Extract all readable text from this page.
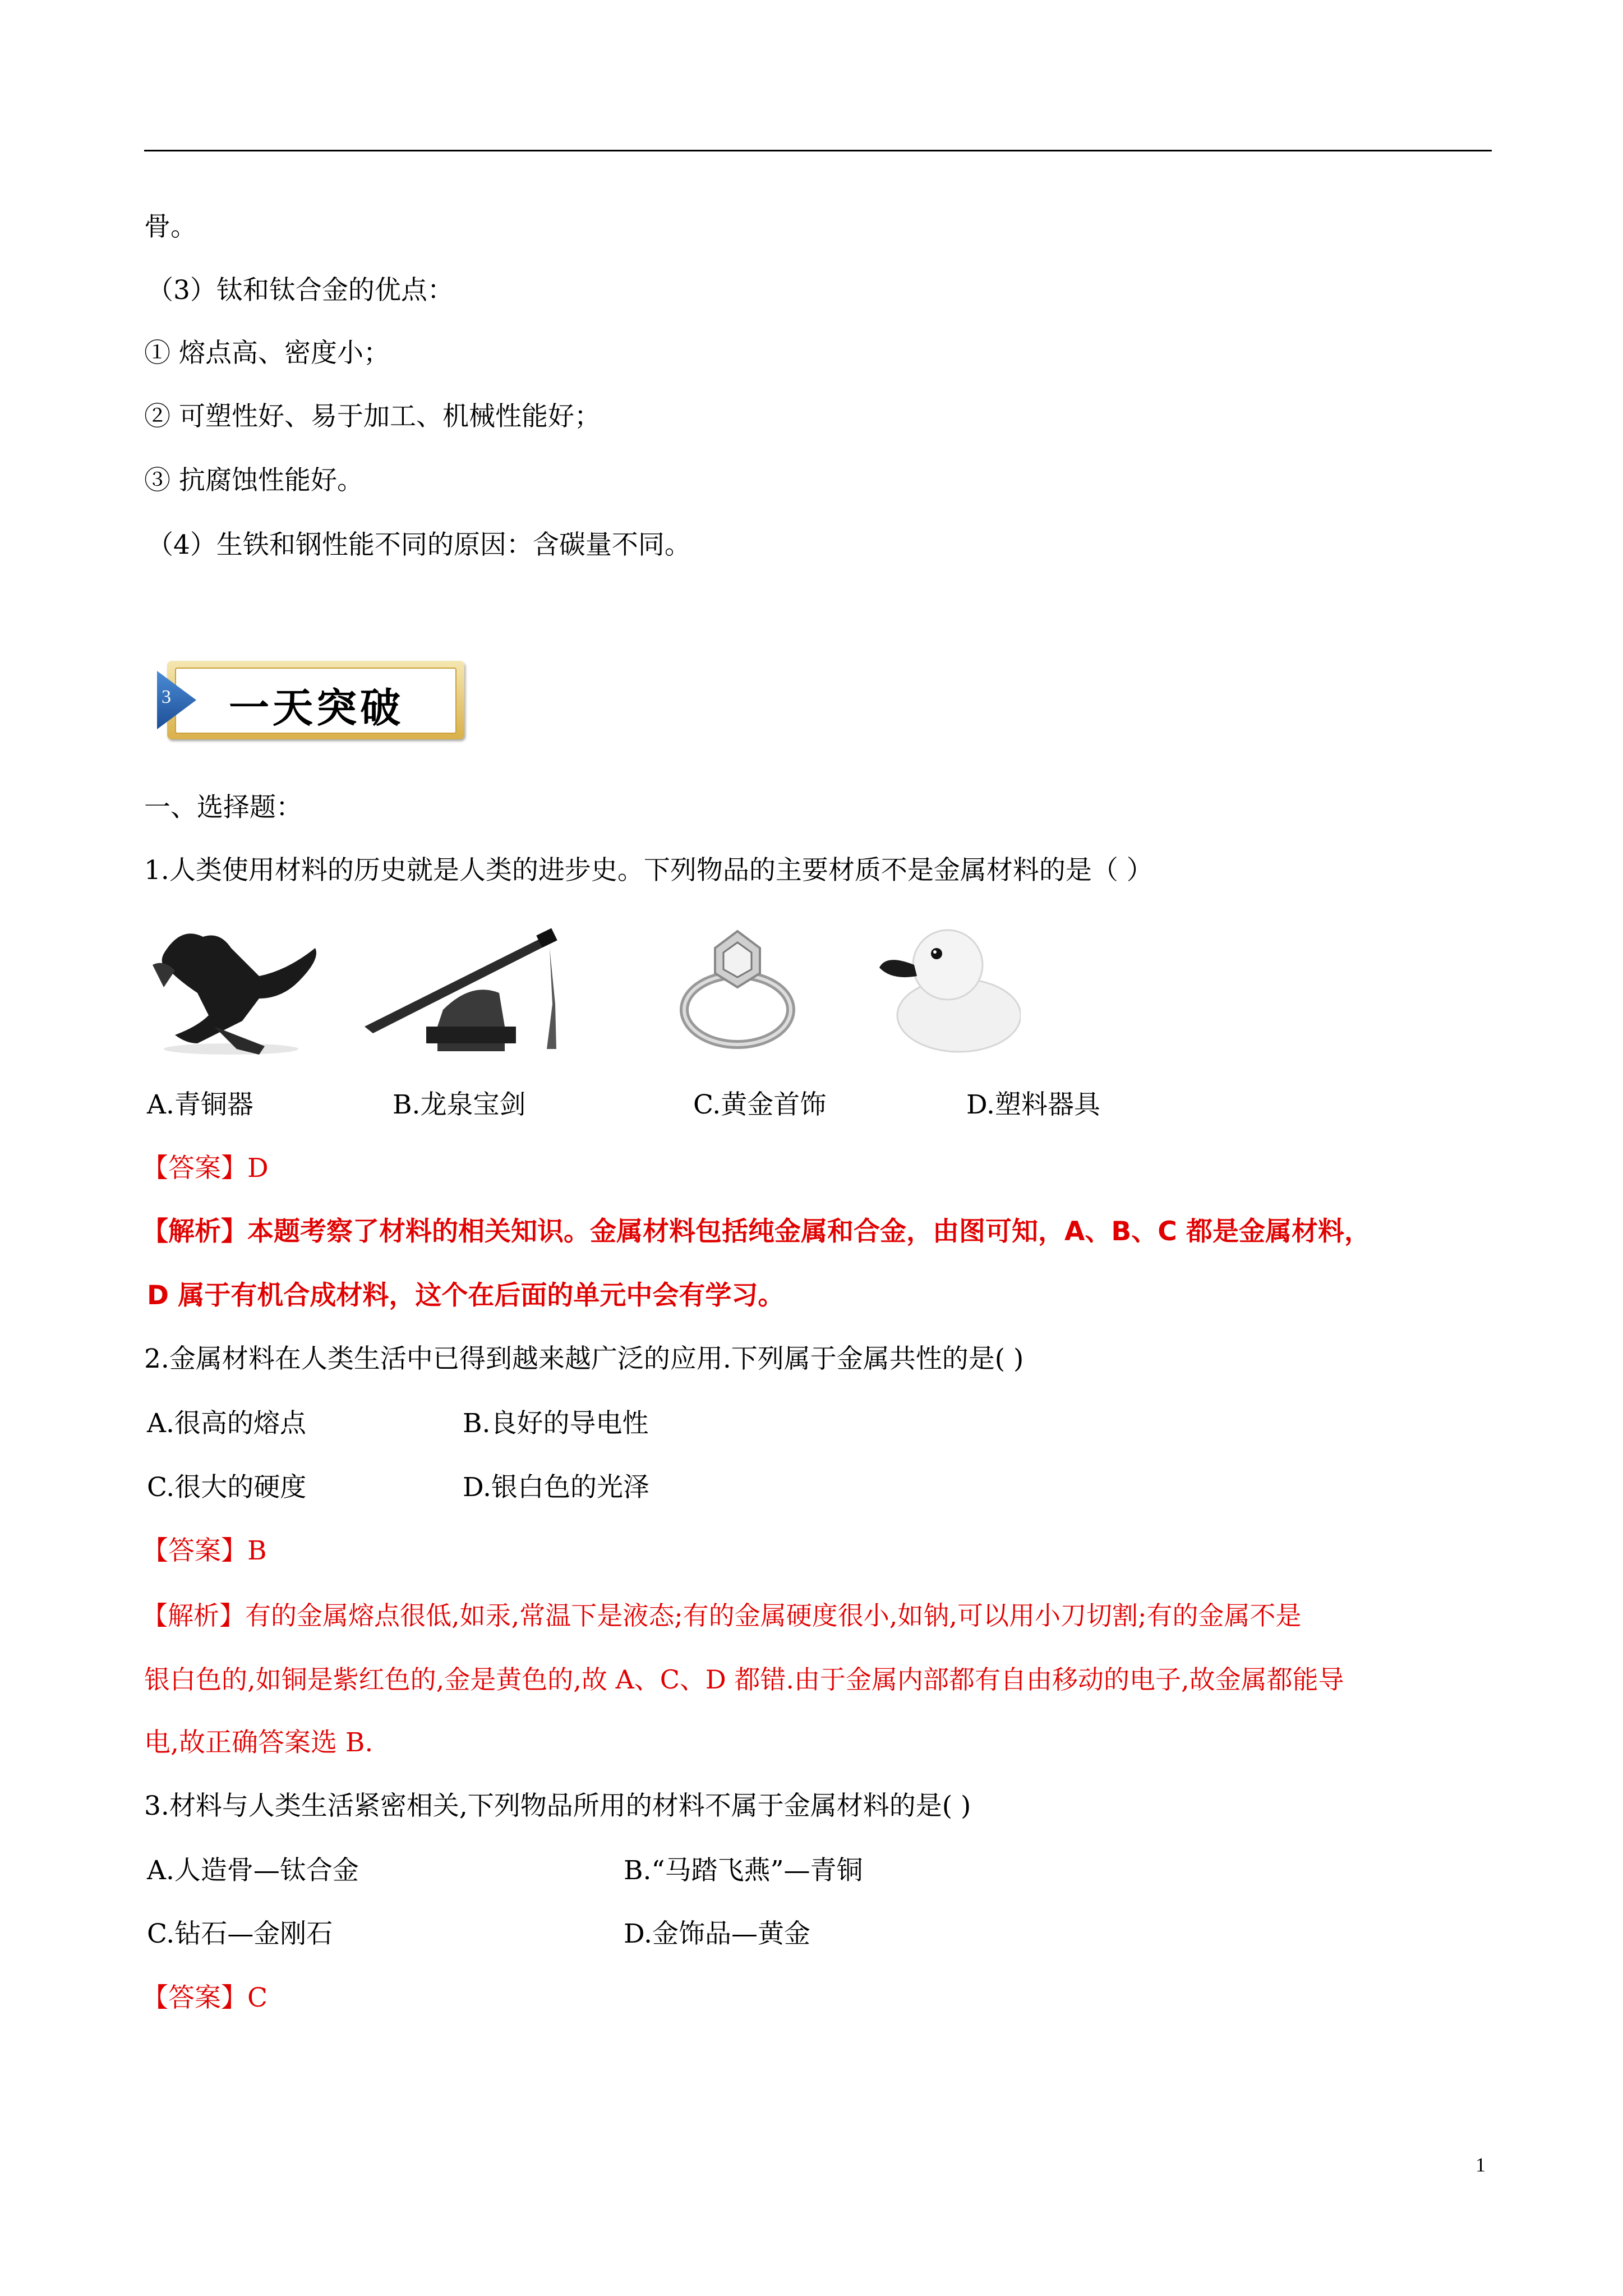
骨。
（3）钛和钛合金的优点：
① 熔点高、密度小；
② 可塑性好、易于加工、机械性能好；
③ 抗腐蚀性能好。
（4）生铁和钢性能不同的原因：含碳量不同。
3 一天突破
一、选择题：
1.人类使用材料的历史就是人类的进步史。下列物品的主要材质不是金属材料的是（ ）
A.青铜器	B.龙泉宝剑	C.黄金首饰	D.塑料器具
【答案】D
【解析】本题考察了材料的相关知识。金属材料包括纯金属和合金，由图可知，A、B、C 都是金属材料，
D 属于有机合成材料，这个在后面的单元中会有学习。
2.金属材料在人类生活中已得到越来越广泛的应用.下列属于金属共性的是( )
A.很高的熔点	B.良好的导电性
C.很大的硬度	D.银白色的光泽
【答案】B
【解析】有的金属熔点很低,如汞,常温下是液态;有的金属硬度很小,如钠,可以用小刀切割;有的金属不是
银白色的,如铜是紫红色的,金是黄色的,故 A、C、D 都错.由于金属内部都有自由移动的电子,故金属都能导
电,故正确答案选 B.
3.材料与人类生活紧密相关,下列物品所用的材料不属于金属材料的是( )
A.人造骨—钛合金	B.“马踏飞燕”—青铜
C.钻石—金刚石	D.金饰品—黄金
【答案】C
1
